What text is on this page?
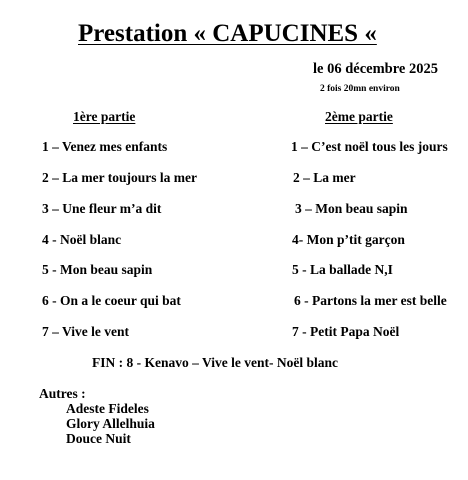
Prestation « CAPUCINES «
le 06 décembre 2025
2 fois 20mn environ
1ère partie	2ème partie
1 – Venez mes enfants
2 – La mer toujours la mer
3 – Une fleur m’a dit
4 - Noël blanc
5 - Mon beau sapin
6 - On a le coeur qui bat
7 – Vive le vent
1 – C’est noël tous les jours
2 – La mer
3 – Mon beau sapin
4- Mon p’tit garçon
5 - La ballade N,I
6 - Partons la mer est belle
7 - Petit Papa Noël
FIN : 8 - Kenavo – Vive le vent- Noël blanc
Autres :
Adeste Fideles
Glory Allelhuia
Douce Nuit
